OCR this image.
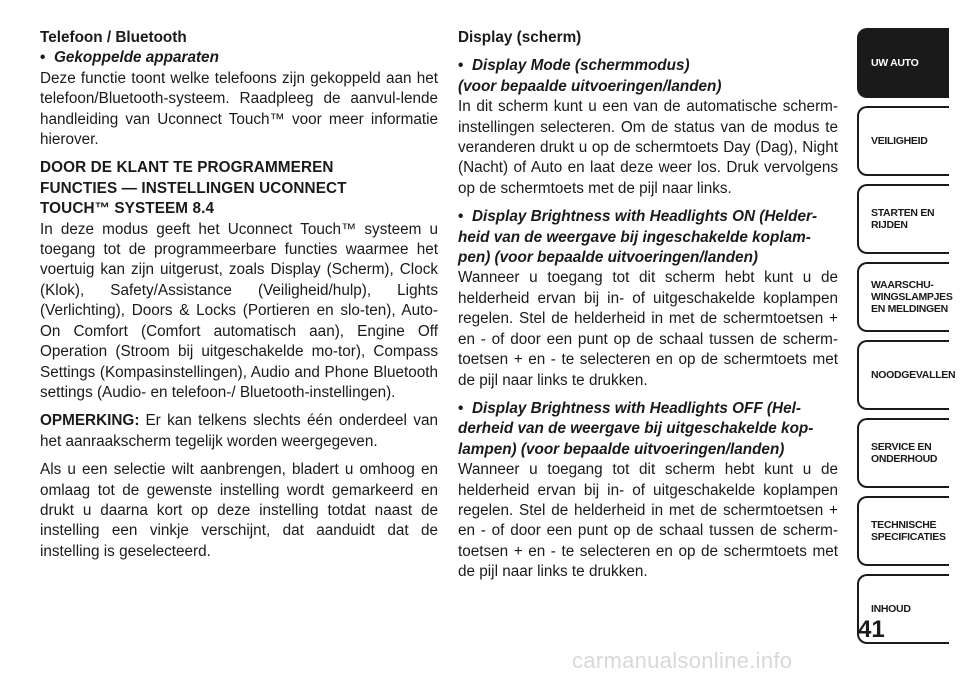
Telefoon / Bluetooth
• Gekoppelde apparaten

Deze functie toont welke telefoons zijn gekoppeld aan het telefoon/Bluetooth-systeem. Raadpleeg de aanvul-lende handleiding van Uconnect Touch™ voor meer informatie hierover.

DOOR DE KLANT TE PROGRAMMEREN
FUNCTIES — INSTELLINGEN UCONNECT
TOUCH™ SYSTEEM 8.4

In deze modus geeft het Uconnect Touch™ systeem u toegang tot de programmeerbare functies waarmee het voertuig kan zijn uitgerust, zoals Display (Scherm), Clock (Klok), Safety/Assistance (Veiligheid/hulp), Lights (Verlichting), Doors & Locks (Portieren en slo-ten), Auto-On Comfort (Comfort automatisch aan), Engine Off Operation (Stroom bij uitgeschakelde mo-tor), Compass Settings (Kompasinstellingen), Audio and Phone Bluetooth settings (Audio- en telefoon-/ Bluetooth-instellingen).

OPMERKING: Er kan telkens slechts één onderdeel van het aanraakscherm tegelijk worden weergegeven.

Als u een selectie wilt aanbrengen, bladert u omhoog en omlaag tot de gewenste instelling wordt gemarkeerd en drukt u daarna kort op deze instelling totdat naast de instelling een vinkje verschijnt, dat aanduidt dat de instelling is geselecteerd.

Display (scherm)
• Display Mode (schermmodus)
(voor bepaalde uitvoeringen/landen)

In dit scherm kunt u een van de automatische scherm-instellingen selecteren. Om de status van de modus te veranderen drukt u op de schermtoets Day (Dag), Night (Nacht) of Auto en laat deze weer los. Druk vervolgens op de schermtoets met de pijl naar links.

• Display Brightness with Headlights ON (Helder-
heid van de weergave bij ingeschakelde koplam-
pen) (voor bepaalde uitvoeringen/landen)

Wanneer u toegang tot dit scherm hebt kunt u de helderheid ervan bij in- of uitgeschakelde koplampen regelen. Stel de helderheid in met de schermtoetsen + en - of door een punt op de schaal tussen de scherm-toetsen + en - te selecteren en op de schermtoets met de pijl naar links te drukken.

• Display Brightness with Headlights OFF (Hel-
derheid van de weergave bij uitgeschakelde kop-
lampen) (voor bepaalde uitvoeringen/landen)

Wanneer u toegang tot dit scherm hebt kunt u de helderheid ervan bij in- of uitgeschakelde koplampen regelen. Stel de helderheid in met de schermtoetsen + en - of door een punt op de schaal tussen de scherm-toetsen + en - te selecteren en op de schermtoets met de pijl naar links te drukken.

UW AUTO
VEILIGHEID
STARTEN EN
RIJDEN
WAARSCHU-
WINGSLAMPJES
EN MELDINGEN
NOODGEVALLEN
SERVICE EN
ONDERHOUD
TECHNISCHE
SPECIFICATIES
INHOUD
41
carmanualsonline.info
